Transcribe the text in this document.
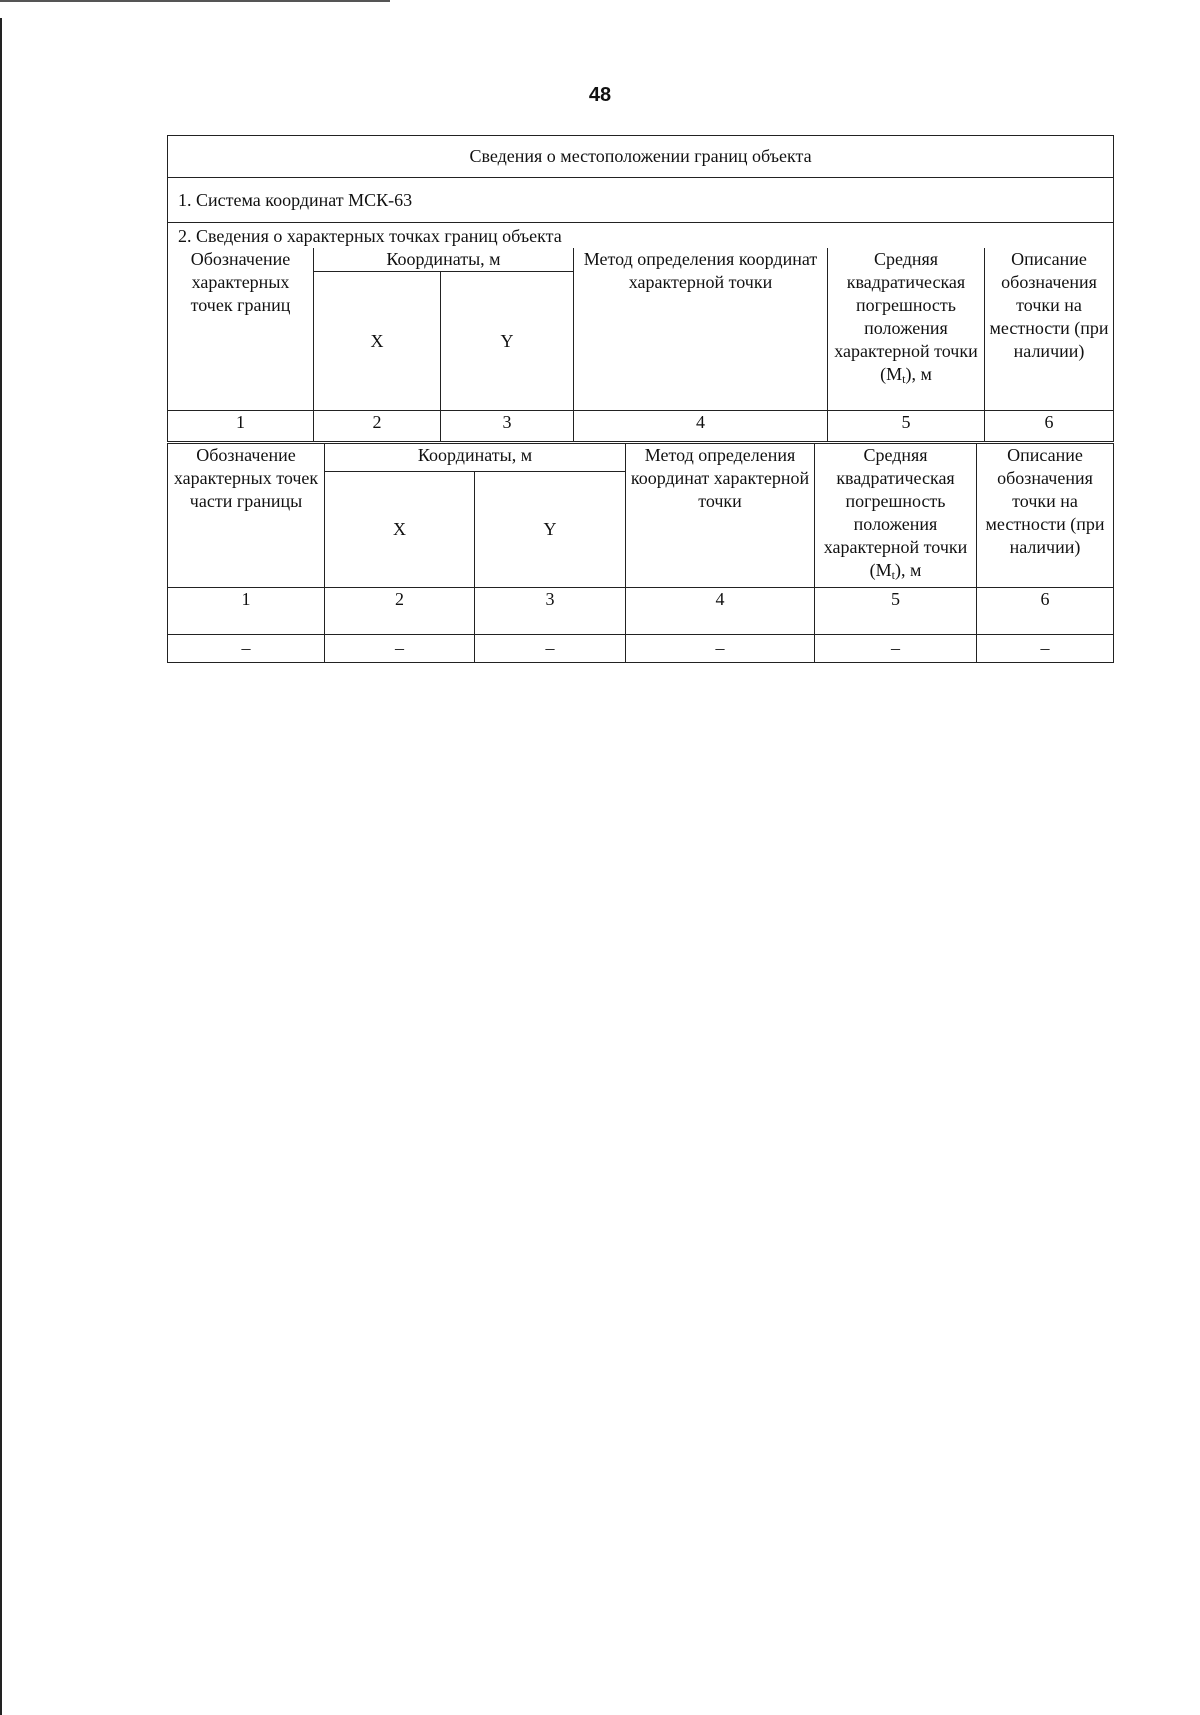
48
Сведения о местоположении границ объекта					
1. Система координат МСК-63					
2. Сведения о характерных точках границ объекта					
Обозначение характерных точек границ	Координаты, м		Метод определения координат характерной точки	Средняя квадратическая погрешность положения характерной точки $(M_t)$, м	Описание обозначения точки на местности (при наличии)
	X	Y			
1	2	3	4	5	6
Обозначение характерных точек части границы	Координаты, м		Метод определения координат характерной точки	Средняя квадратическая погрешность положения характерной точки $(M_t)$, м	Описание обозначения точки на местности (при наличии)
	X	Y			
1	2	3	4	5	6
–	–	–	–	–	–
